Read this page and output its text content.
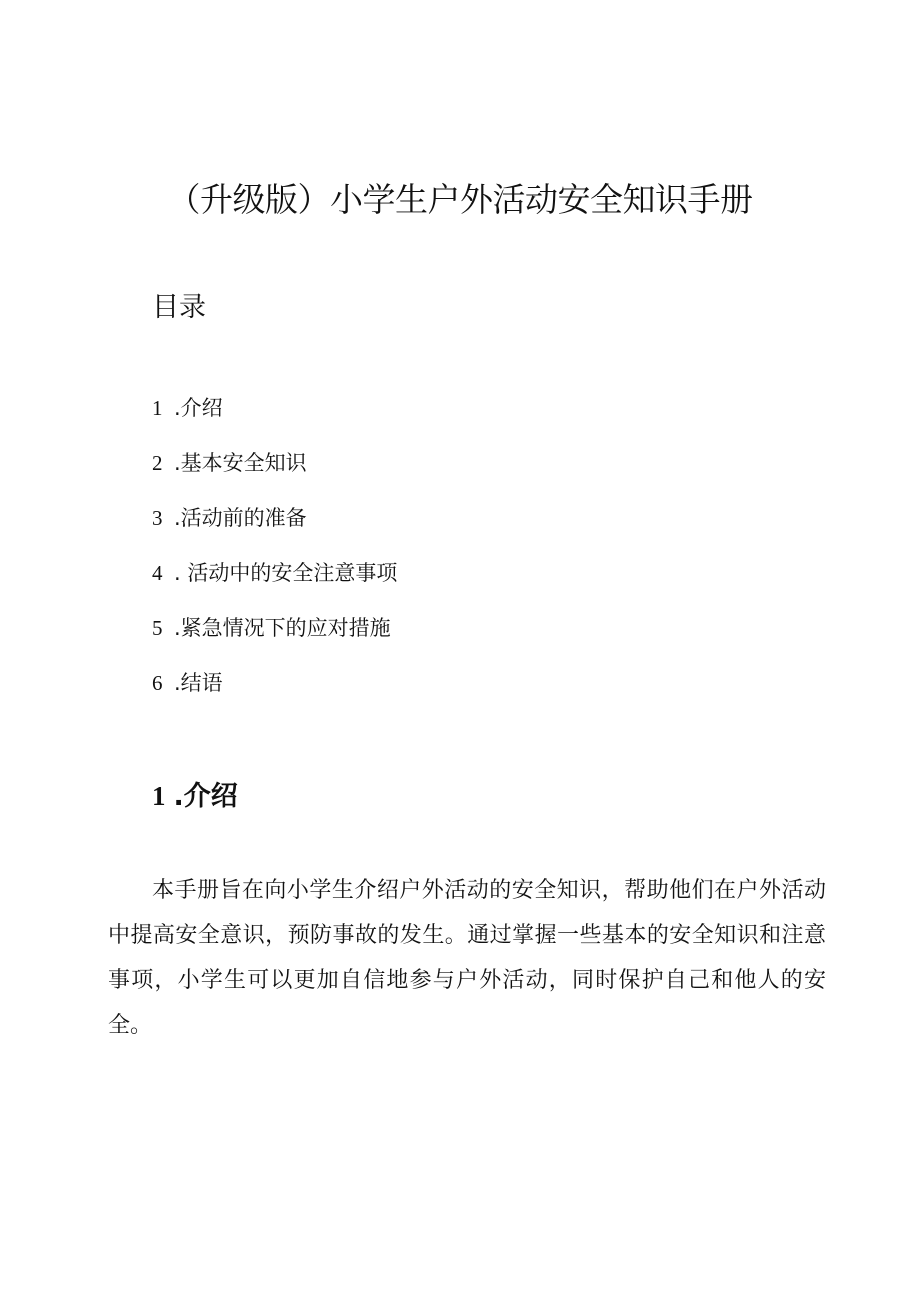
（升级版）小学生户外活动安全知识手册
目录
1 .介绍
2 .基本安全知识
3 .活动前的准备
4 . 活动中的安全注意事项
5 .紧急情况下的应对措施
6 .结语
1 .介绍

本手册旨在向小学生介绍户外活动的安全知识，帮助他们在户外活动中提高安全意识，预防事故的发生。通过掌握一些基本的安全知识和注意事项，小学生可以更加自信地参与户外活动，同时保护自己和他人的安全。
